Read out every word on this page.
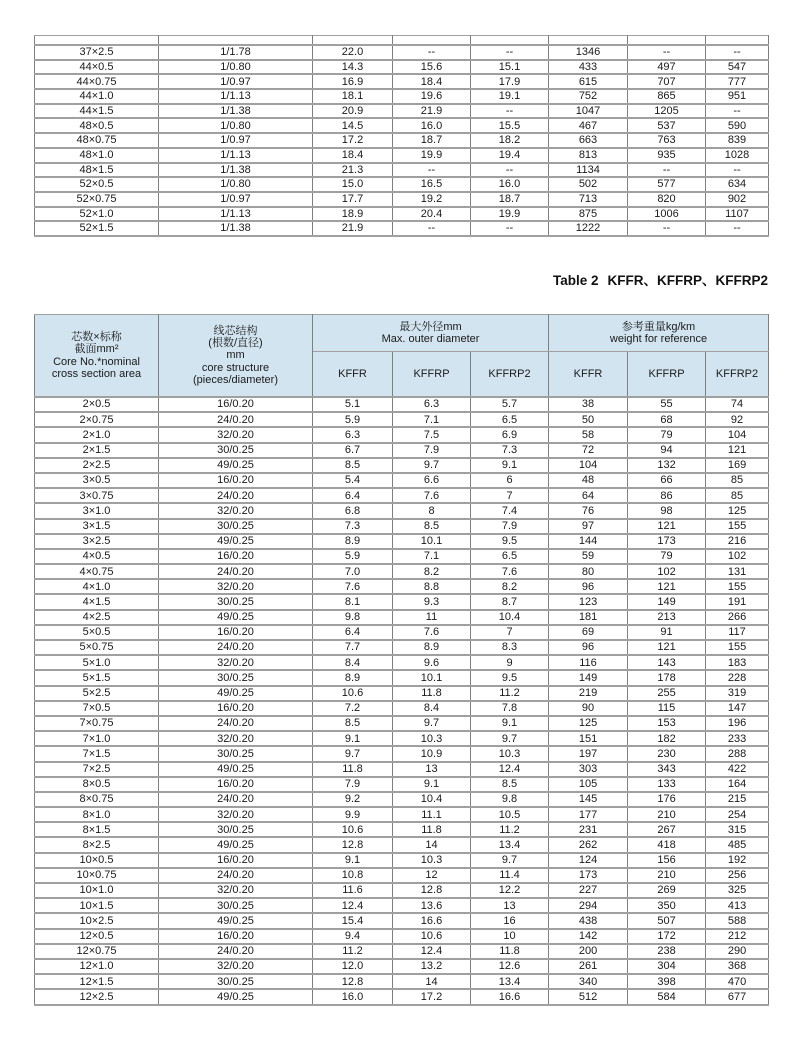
37×2.5	1/1.78	22.0	--	--	1346	--	--
44×0.5	1/0.80	14.3	15.6	15.1	433	497	547
44×0.75	1/0.97	16.9	18.4	17.9	615	707	777
44×1.0	1/1.13	18.1	19.6	19.1	752	865	951
44×1.5	1/1.38	20.9	21.9	--	1047	1205	--
48×0.5	1/0.80	14.5	16.0	15.5	467	537	590
48×0.75	1/0.97	17.2	18.7	18.2	663	763	839
48×1.0	1/1.13	18.4	19.9	19.4	813	935	1028
48×1.5	1/1.38	21.3	--	--	1134	--	--
52×0.5	1/0.80	15.0	16.5	16.0	502	577	634
52×0.75	1/0.97	17.7	19.2	18.7	713	820	902
52×1.0	1/1.13	18.9	20.4	19.9	875	1006	1107
52×1.5	1/1.38	21.9	--	--	1222	--	--
Table 2 KFFR、KFFRP、KFFRP2
芯数×标称
截面mm²
Core No.*nominal
cross section area	线芯结构
(根数/直径)
mm
core structure
(pieces/diameter)	最大外径mm
Max. outer diameter			参考重量kg/km
weight for reference		
		KFFR	KFFRP	KFFRP2	KFFR	KFFRP	KFFRP2
2×0.5	16/0.20	5.1	6.3	5.7	38	55	74
2×0.75	24/0.20	5.9	7.1	6.5	50	68	92
2×1.0	32/0.20	6.3	7.5	6.9	58	79	104
2×1.5	30/0.25	6.7	7.9	7.3	72	94	121
2×2.5	49/0.25	8.5	9.7	9.1	104	132	169
3×0.5	16/0.20	5.4	6.6	6	48	66	85
3×0.75	24/0.20	6.4	7.6	7	64	86	85
3×1.0	32/0.20	6.8	8	7.4	76	98	125
3×1.5	30/0.25	7.3	8.5	7.9	97	121	155
3×2.5	49/0.25	8.9	10.1	9.5	144	173	216
4×0.5	16/0.20	5.9	7.1	6.5	59	79	102
4×0.75	24/0.20	7.0	8.2	7.6	80	102	131
4×1.0	32/0.20	7.6	8.8	8.2	96	121	155
4×1.5	30/0.25	8.1	9.3	8.7	123	149	191
4×2.5	49/0.25	9.8	11	10.4	181	213	266
5×0.5	16/0.20	6.4	7.6	7	69	91	117
5×0.75	24/0.20	7.7	8.9	8.3	96	121	155
5×1.0	32/0.20	8.4	9.6	9	116	143	183
5×1.5	30/0.25	8.9	10.1	9.5	149	178	228
5×2.5	49/0.25	10.6	11.8	11.2	219	255	319
7×0.5	16/0.20	7.2	8.4	7.8	90	115	147
7×0.75	24/0.20	8.5	9.7	9.1	125	153	196
7×1.0	32/0.20	9.1	10.3	9.7	151	182	233
7×1.5	30/0.25	9.7	10.9	10.3	197	230	288
7×2.5	49/0.25	11.8	13	12.4	303	343	422
8×0.5	16/0.20	7.9	9.1	8.5	105	133	164
8×0.75	24/0.20	9.2	10.4	9.8	145	176	215
8×1.0	32/0.20	9.9	11.1	10.5	177	210	254
8×1.5	30/0.25	10.6	11.8	11.2	231	267	315
8×2.5	49/0.25	12.8	14	13.4	262	418	485
10×0.5	16/0.20	9.1	10.3	9.7	124	156	192
10×0.75	24/0.20	10.8	12	11.4	173	210	256
10×1.0	32/0.20	11.6	12.8	12.2	227	269	325
10×1.5	30/0.25	12.4	13.6	13	294	350	413
10×2.5	49/0.25	15.4	16.6	16	438	507	588
12×0.5	16/0.20	9.4	10.6	10	142	172	212
12×0.75	24/0.20	11.2	12.4	11.8	200	238	290
12×1.0	32/0.20	12.0	13.2	12.6	261	304	368
12×1.5	30/0.25	12.8	14	13.4	340	398	470
12×2.5	49/0.25	16.0	17.2	16.6	512	584	677
